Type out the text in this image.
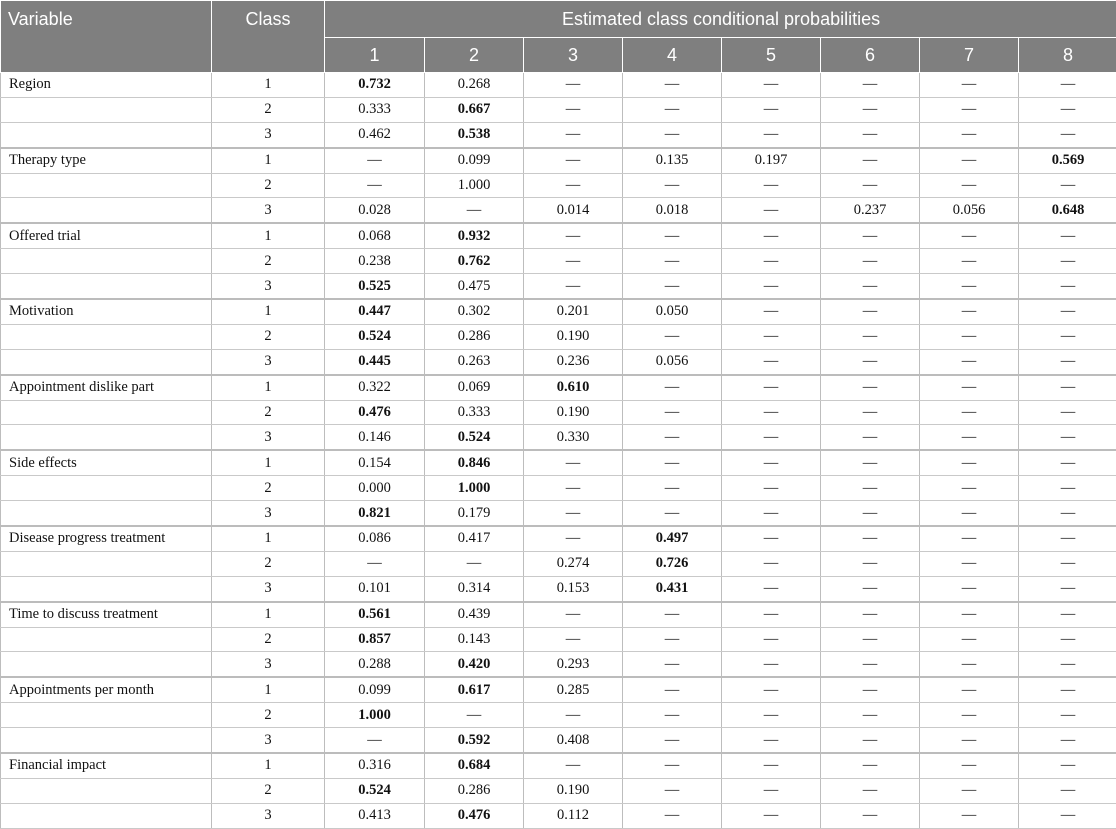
Variable	Class	Estimated class conditional probabilities							
		1	2	3	4	5	6	7	8
Region	1	0.732	0.268	—	—	—	—	—	—
	2	0.333	0.667	—	—	—	—	—	—
	3	0.462	0.538	—	—	—	—	—	—
Therapy type	1	—	0.099	—	0.135	0.197	—	—	0.569
	2	—	1.000	—	—	—	—	—	—
	3	0.028	—	0.014	0.018	—	0.237	0.056	0.648
Offered trial	1	0.068	0.932	—	—	—	—	—	—
	2	0.238	0.762	—	—	—	—	—	—
	3	0.525	0.475	—	—	—	—	—	—
Motivation	1	0.447	0.302	0.201	0.050	—	—	—	—
	2	0.524	0.286	0.190	—	—	—	—	—
	3	0.445	0.263	0.236	0.056	—	—	—	—
Appointment dislike part	1	0.322	0.069	0.610	—	—	—	—	—
	2	0.476	0.333	0.190	—	—	—	—	—
	3	0.146	0.524	0.330	—	—	—	—	—
Side effects	1	0.154	0.846	—	—	—	—	—	—
	2	0.000	1.000	—	—	—	—	—	—
	3	0.821	0.179	—	—	—	—	—	—
Disease progress treatment	1	0.086	0.417	—	0.497	—	—	—	—
	2	—	—	0.274	0.726	—	—	—	—
	3	0.101	0.314	0.153	0.431	—	—	—	—
Time to discuss treatment	1	0.561	0.439	—	—	—	—	—	—
	2	0.857	0.143	—	—	—	—	—	—
	3	0.288	0.420	0.293	—	—	—	—	—
Appointments per month	1	0.099	0.617	0.285	—	—	—	—	—
	2	1.000	—	—	—	—	—	—	—
	3	—	0.592	0.408	—	—	—	—	—
Financial impact	1	0.316	0.684	—	—	—	—	—	—
	2	0.524	0.286	0.190	—	—	—	—	—
	3	0.413	0.476	0.112	—	—	—	—	—
